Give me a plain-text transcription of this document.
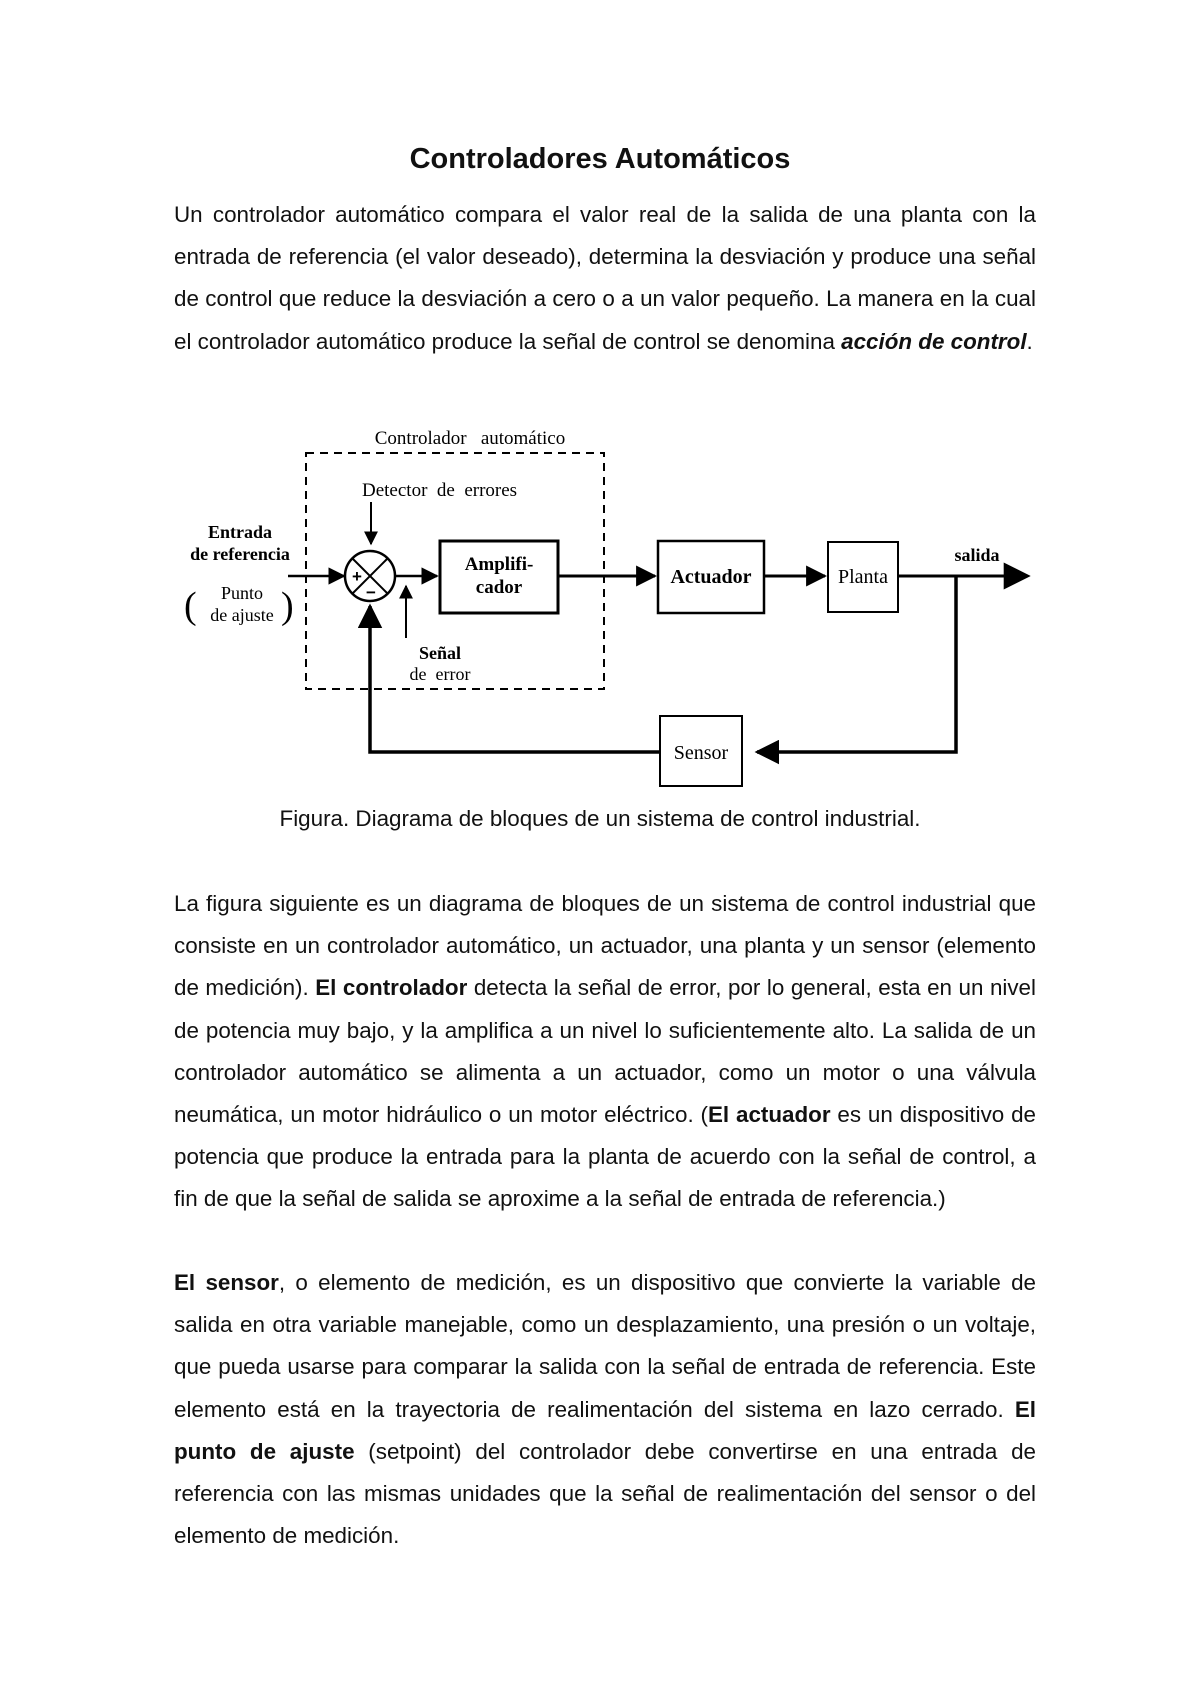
Controladores Automáticos

Un controlador automático compara el valor real de la salida de una planta con la entrada de referencia (el valor deseado), determina la desviación y produce una señal de control que reduce la desviación a cero o a un valor pequeño. La manera en la cual el controlador automático produce la señal de control se denomina acción de control.

Controlador   automático
Detector  de  errores
Entrada
de referencia
( Punto
de ajuste )
+
−
Señal
de  error
Amplifi-
cador	Actuador	Planta
salida
Sensor

Figura. Diagrama de bloques de un sistema de control industrial.

La figura siguiente es un diagrama de bloques de un sistema de control industrial que consiste en un controlador automático, un actuador, una planta y un sensor (elemento de medición). El controlador detecta la señal de error, por lo general, esta en un nivel de potencia muy bajo, y la amplifica a un nivel lo suficientemente alto. La salida de un controlador automático se alimenta a un actuador, como un motor o una válvula neumática, un motor hidráulico o un motor eléctrico. (El actuador es un dispositivo de potencia que produce la entrada para la planta de acuerdo con la señal de control, a fin de que la señal de salida se aproxime a la señal de entrada de referencia.)

El sensor, o elemento de medición, es un dispositivo que convierte la variable de salida en otra variable manejable, como un desplazamiento, una presión o un voltaje, que pueda usarse para comparar la salida con la señal de entrada de referencia. Este elemento está en la trayectoria de realimentación del sistema en lazo cerrado. El punto de ajuste (setpoint) del controlador debe convertirse en una entrada de referencia con las mismas unidades que la señal de realimentación del sensor o del elemento de medición.
